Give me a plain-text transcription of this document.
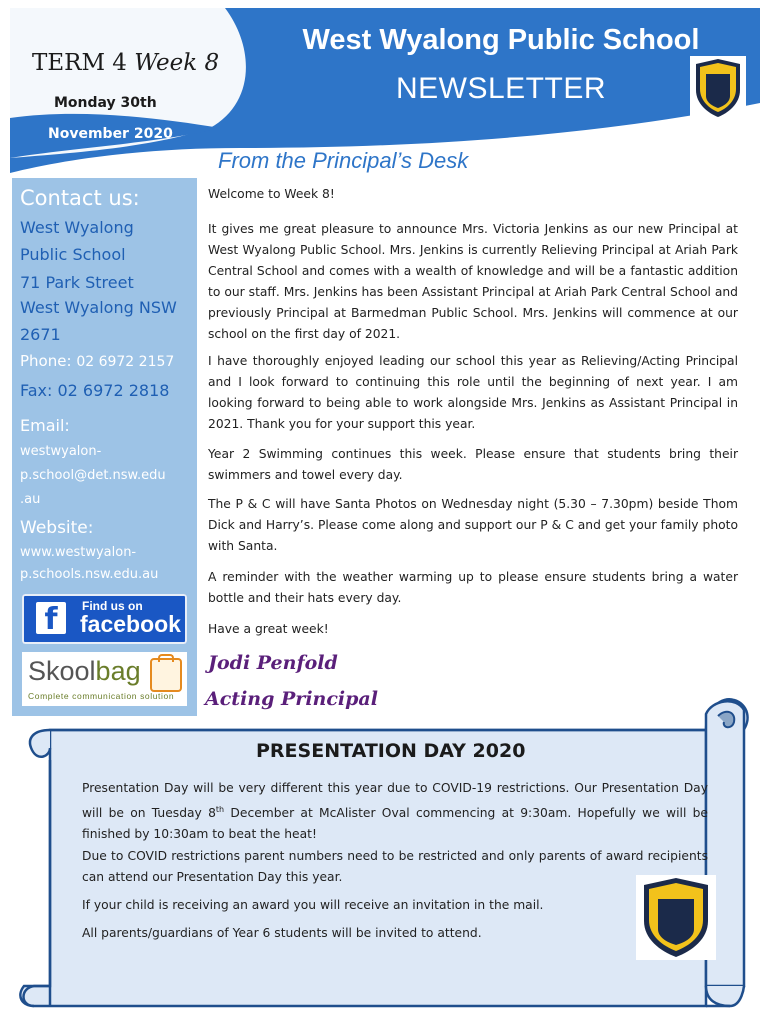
TERM 4 Week 8
Monday 30th
November 2020
West Wyalong Public School
NEWSLETTER
Contact us:
West Wyalong
Public School
71 Park Street
West Wyalong NSW
2671
Phone: 02 6972 2157
Fax: 02 6972 2818
Email:
westwyalon-
p.school@det.nsw.edu
.au
Website:
www.westwyalon-
p.schools.nsw.edu.au
f	Find us on
facebook
Skoolbag
Complete communication solution
From the Principal’s Desk
Welcome to Week 8!
It gives me great pleasure to announce Mrs. Victoria Jenkins as our new Principal at West Wyalong Public School. Mrs. Jenkins is currently Relieving Principal at Ariah Park Central School and comes with a wealth of knowledge and will be a fantastic addition to our staff. Mrs. Jenkins has been Assistant Principal at Ariah Park Central School and previously Principal at Barmedman Public School. Mrs. Jenkins will commence at our school on the first day of 2021.
I have thoroughly enjoyed leading our school this year as Relieving/Acting Principal and I look forward to continuing this role until the beginning of next year. I am looking forward to being able to work alongside Mrs. Jenkins as Assistant Principal in 2021. Thank you for your support this year.
Year 2 Swimming continues this week. Please ensure that students bring their swimmers and towel every day.
The P & C will have Santa Photos on Wednesday night (5.30 – 7.30pm) beside Thom Dick and Harry’s. Please come along and support our P & C and get your family photo with Santa.
A reminder with the weather warming up to please ensure students bring a water bottle and their hats every day.
Have a great week!
Jodi Penfold
Acting Principal
PRESENTATION DAY 2020
Presentation Day will be very different this year due to COVID-19 restrictions. Our Presentation Day will be on Tuesday 8th December at McAlister Oval commencing at 9:30am. Hopefully we will be finished by 10:30am to beat the heat!
Due to COVID restrictions parent numbers need to be restricted and only parents of award recipients can attend our Presentation Day this year.
If your child is receiving an award you will receive an invitation in the mail.
All parents/guardians of Year 6 students will be invited to attend.
